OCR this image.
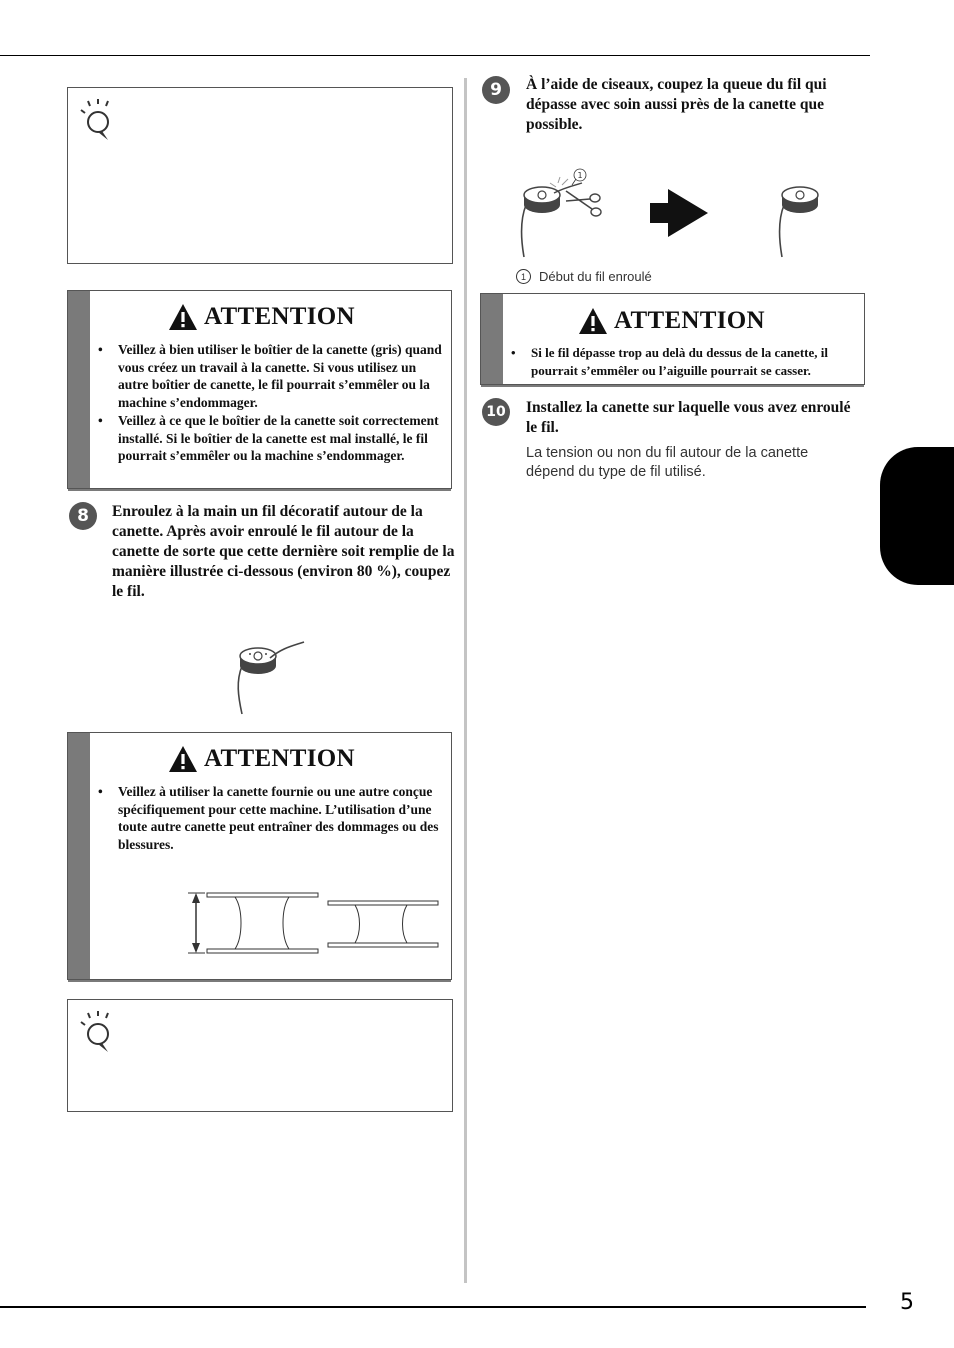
5
ATTENTION
• Veillez à bien utiliser le boîtier de la canette (gris) quand vous créez un travail à la canette. Si vous utilisez un autre boîtier de canette, le fil pourrait s’emmêler ou la machine s’endommager.
• Veillez à ce que le boîtier de la canette soit correctement installé. Si le boîtier de la canette est mal installé, le fil pourrait s’emmêler ou la machine s’endommager.
8	Enroulez à la main un fil décoratif autour de la canette. Après avoir enroulé le fil autour de la canette de sorte que cette dernière soit remplie de la manière illustrée ci-dessous (environ 80 %), coupez le fil.
ATTENTION
• Veillez à utiliser la canette fournie ou une autre conçue spécifiquement pour cette machine. L’utilisation d’une toute autre canette peut entraîner des dommages ou des blessures.
9	À l’aide de ciseaux, coupez la queue du fil qui dépasse avec soin aussi près de la canette que possible.
1
1	Début du fil enroulé
ATTENTION
• Si le fil dépasse trop au delà du dessus de la canette, il pourrait s’emmêler ou l’aiguille pourrait se casser.
10 Installez la canette sur laquelle vous avez enroulé le fil.
La tension ou non du fil autour de la canette dépend du type de fil utilisé.
